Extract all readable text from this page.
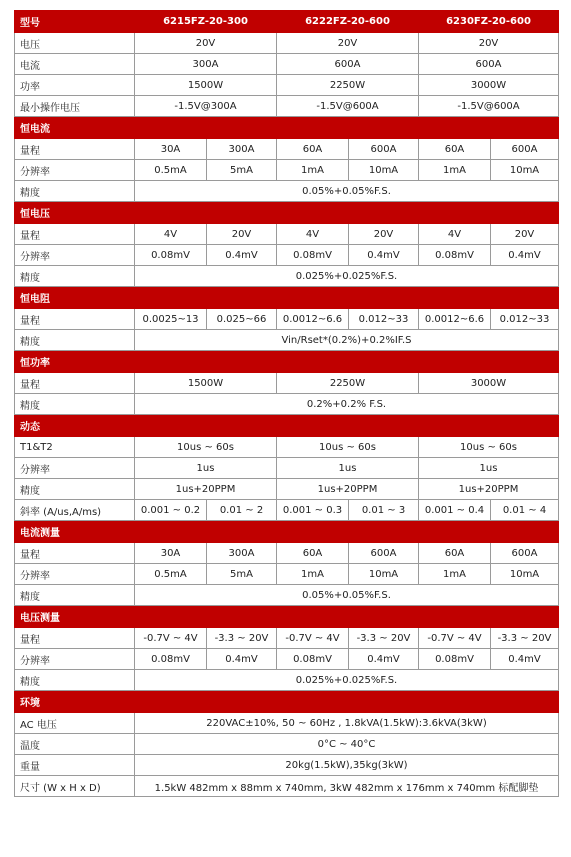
型号	6215FZ-20-300		6222FZ-20-600		6230FZ-20-600	
电压	20V		20V		20V	
电流	300A		600A		600A	
功率	1500W		2250W		3000W	
最小操作电压	-1.5V@300A		-1.5V@600A		-1.5V@600A	
恒电流						
量程	30A	300A	60A	600A	60A	600A
分辨率	0.5mA	5mA	1mA	10mA	1mA	10mA
精度	0.05%+0.05%F.S.					
恒电压						
量程	4V	20V	4V	20V	4V	20V
分辨率	0.08mV	0.4mV	0.08mV	0.4mV	0.08mV	0.4mV
精度	0.025%+0.025%F.S.					
恒电阻						
量程	0.0025~13	0.025~66	0.0012~6.6	0.012~33	0.0012~6.6	0.012~33
精度	Vin/Rset*(0.2%)+0.2%IF.S					
恒功率						
量程	1500W		2250W		3000W	
精度	0.2%+0.2% F.S.					
动态						
T1&T2	10us ~ 60s		10us ~ 60s		10us ~ 60s	
分辨率	1us		1us		1us	
精度	1us+20PPM		1us+20PPM		1us+20PPM	
斜率 (A/us,A/ms)	0.001 ~ 0.2	0.01 ~ 2	0.001 ~ 0.3	0.01 ~ 3	0.001 ~ 0.4	0.01 ~ 4
电流测量						
量程	30A	300A	60A	600A	60A	600A
分辨率	0.5mA	5mA	1mA	10mA	1mA	10mA
精度	0.05%+0.05%F.S.					
电压测量						
量程	-0.7V ~ 4V	-3.3 ~ 20V	-0.7V ~ 4V	-3.3 ~ 20V	-0.7V ~ 4V	-3.3 ~ 20V
分辨率	0.08mV	0.4mV	0.08mV	0.4mV	0.08mV	0.4mV
精度	0.025%+0.025%F.S.					
环境						
AC 电压	220VAC±10%, 50 ~ 60Hz , 1.8kVA(1.5kW):3.6kVA(3kW)					
温度	0°C ~ 40°C					
重量	20kg(1.5kW),35kg(3kW)					
尺寸 (W x H x D)	1.5kW 482mm x 88mm x 740mm, 3kW 482mm x 176mm x 740mm 标配脚垫					
